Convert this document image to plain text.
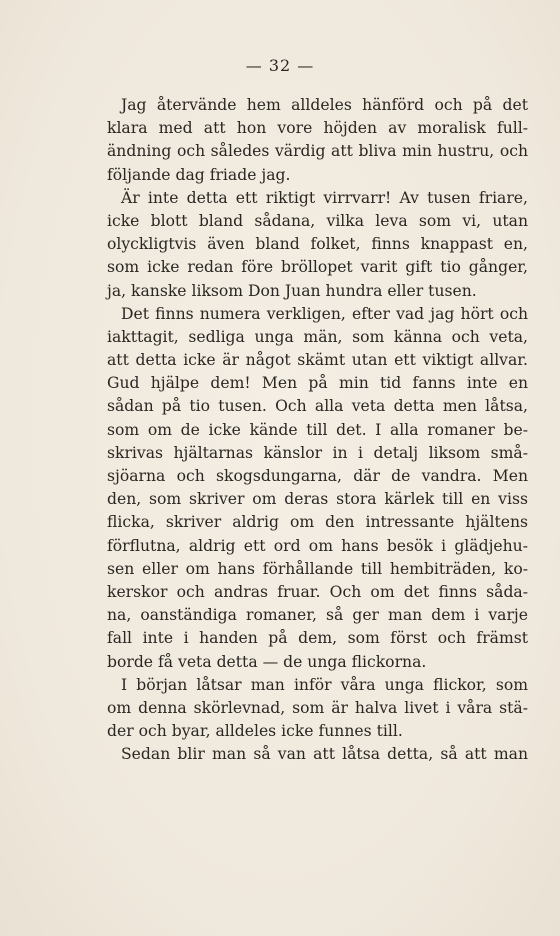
— 32 —
Jag återvände hem alldeles hänförd och på det
klara med att hon vore höjden av moralisk full-
ändning och således värdig att bliva min hustru, och
följande dag friade jag.
Är inte detta ett riktigt virrvarr! Av tusen friare,
icke blott bland sådana, vilka leva som vi, utan
olyckligtvis även bland folket, finns knappast en,
som icke redan före bröllopet varit gift tio gånger,
ja, kanske liksom Don Juan hundra eller tusen.
Det finns numera verkligen, efter vad jag hört och
iakttagit, sedliga unga män, som känna och veta,
att detta icke är något skämt utan ett viktigt allvar.
Gud hjälpe dem! Men på min tid fanns inte en
sådan på tio tusen. Och alla veta detta men låtsa,
som om de icke kände till det. I alla romaner be-
skrivas hjältarnas känslor in i detalj liksom små-
sjöarna och skogsdungarna, där de vandra. Men
den, som skriver om deras stora kärlek till en viss
flicka, skriver aldrig om den intressante hjältens
förflutna, aldrig ett ord om hans besök i glädjehu-
sen eller om hans förhållande till hembiträden, ko-
kerskor och andras fruar. Och om det finns såda-
na, oanständiga romaner, så ger man dem i varje
fall inte i handen på dem, som först och främst
borde få veta detta — de unga flickorna.
I början låtsar man inför våra unga flickor, som
om denna skörlevnad, som är halva livet i våra stä-
der och byar, alldeles icke funnes till.
Sedan blir man så van att låtsa detta, så att man
